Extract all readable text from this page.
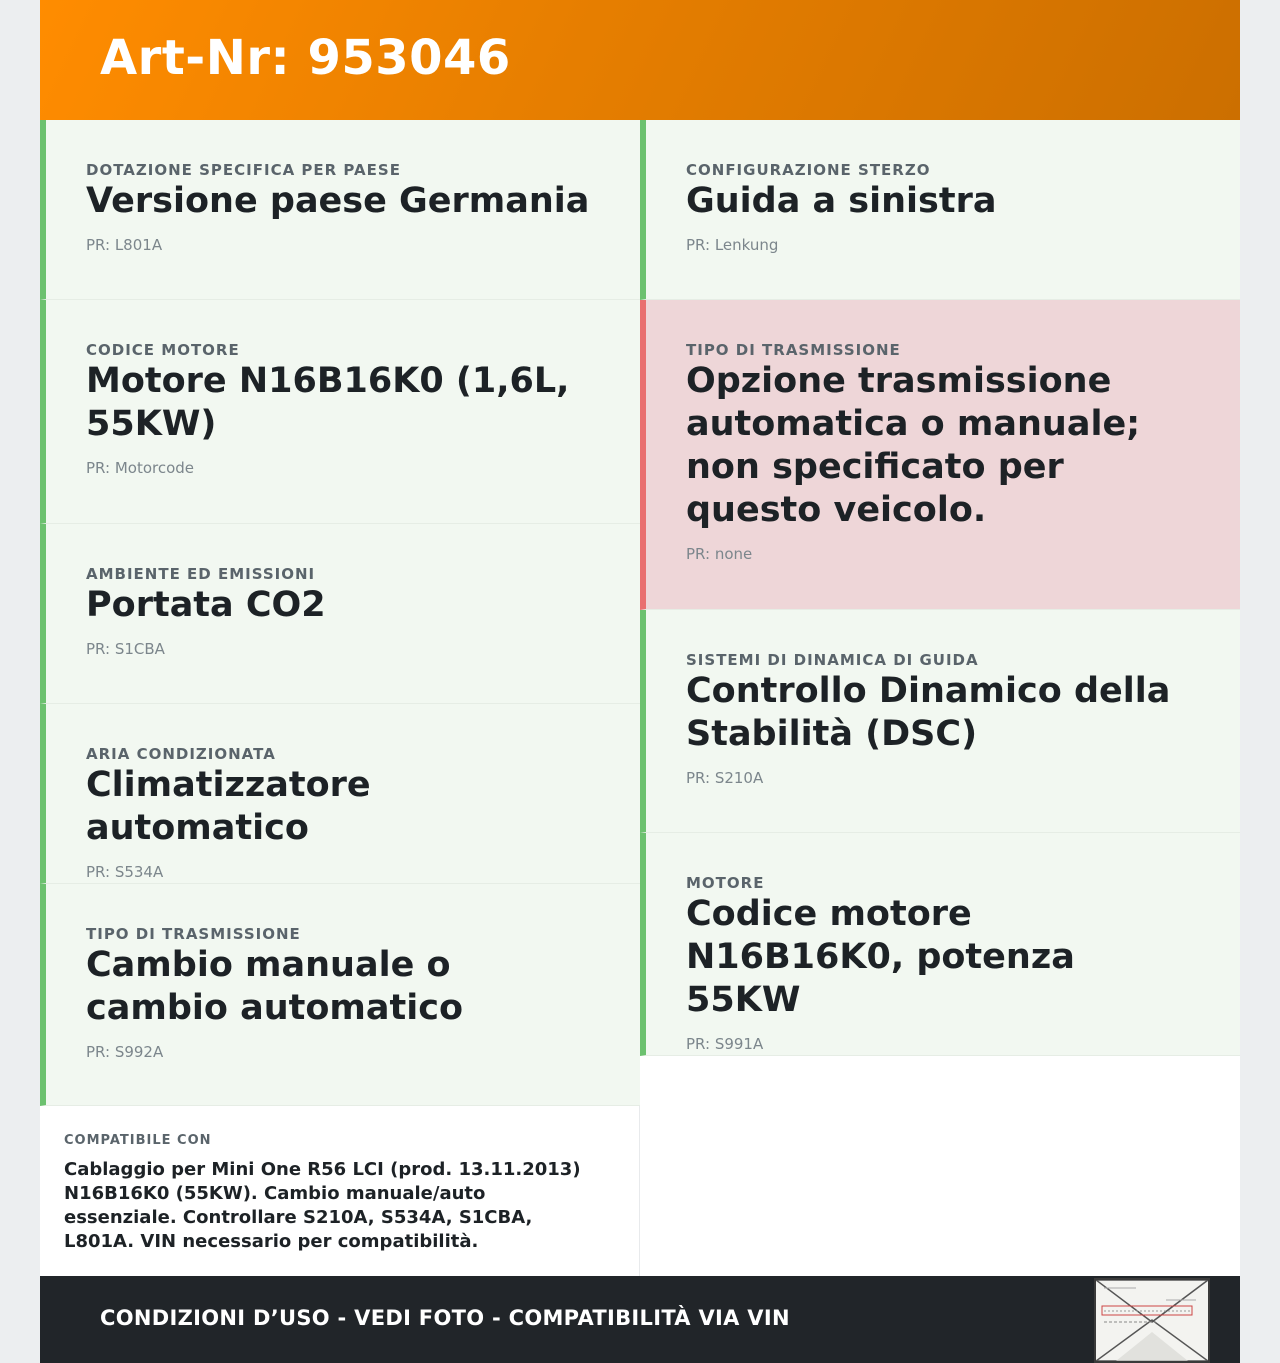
Art-Nr: 953046
DOTAZIONE SPECIFICA PER PAESE
Versione paese Germania
PR: L801A
CODICE MOTORE
Motore N16B16K0 (1,6L, 55KW)
PR: Motorcode
AMBIENTE ED EMISSIONI
Portata CO2
PR: S1CBA
ARIA CONDIZIONATA
Climatizzatore automatico
PR: S534A
TIPO DI TRASMISSIONE
Cambio manuale o cambio automatico
PR: S992A
CONFIGURAZIONE STERZO
Guida a sinistra
PR: Lenkung
TIPO DI TRASMISSIONE
Opzione trasmissione automatica o manuale; non specificato per questo veicolo.
PR: none
SISTEMI DI DINAMICA DI GUIDA
Controllo Dinamico della Stabilità (DSC)
PR: S210A
MOTORE
Codice motore N16B16K0, potenza 55KW
PR: S991A
COMPATIBILE CON
Cablaggio per Mini One R56 LCI (prod. 13.11.2013) N16B16K0 (55KW). Cambio manuale/auto essenziale. Controllare S210A, S534A, S1CBA, L801A. VIN necessario per compatibilità.
CONDIZIONI D’USO - VEDI FOTO - COMPATIBILITÀ VIA VIN
